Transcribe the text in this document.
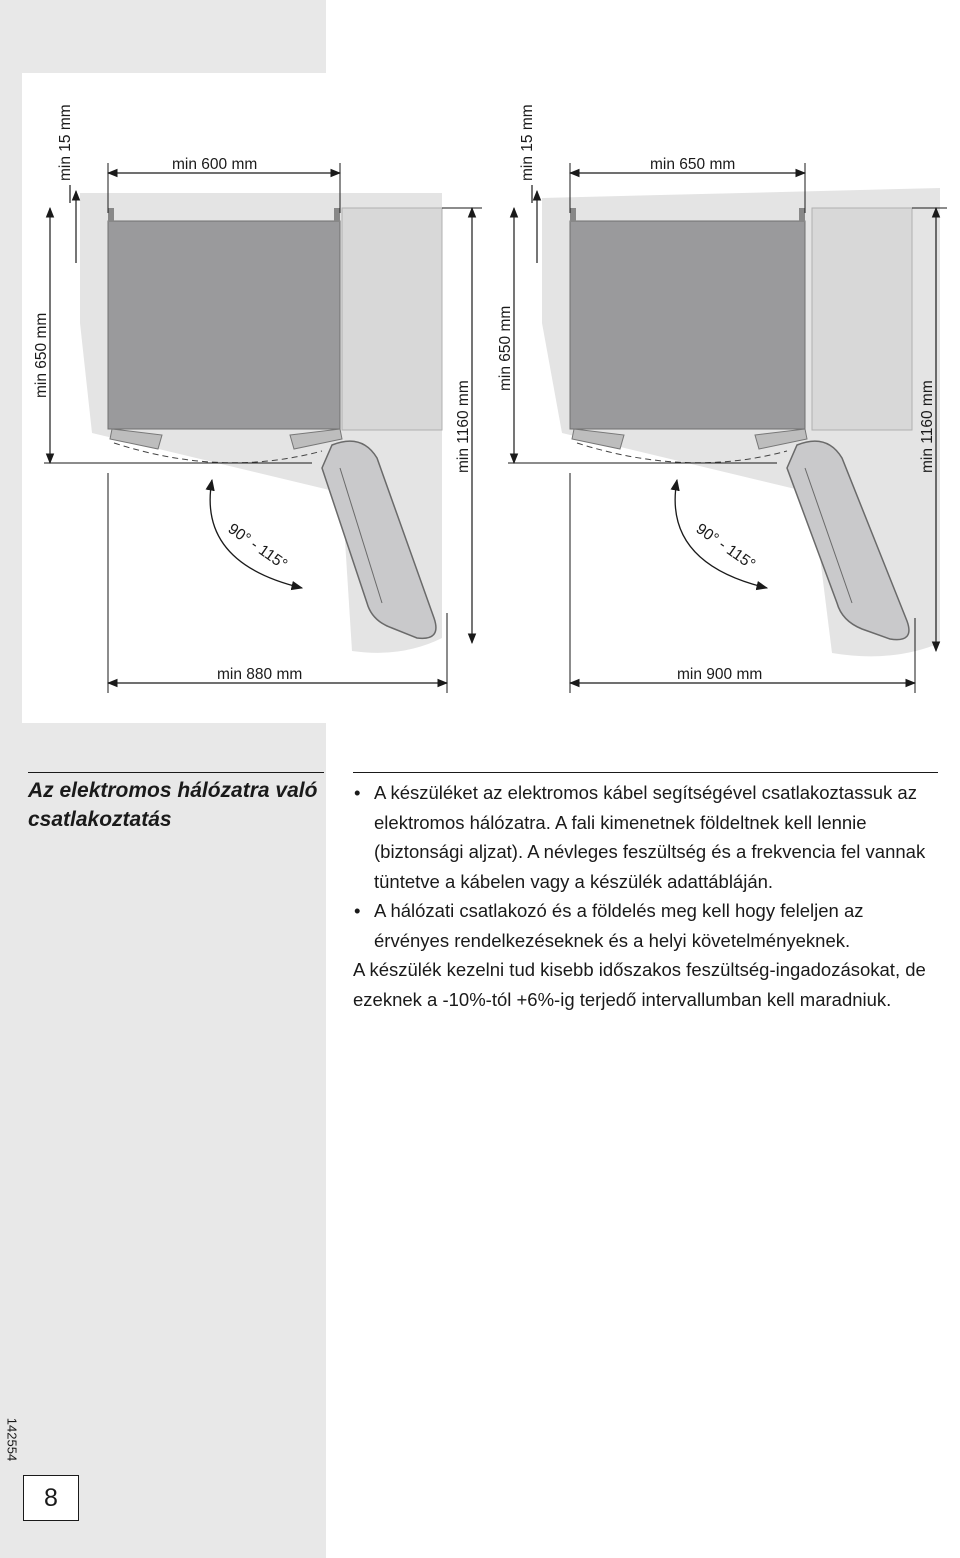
90° - 115°
min 15 mm	min 600 mm
min 650 mm
min 1160 mm
min 880 mm
90° - 115°
min 15 mm	min 650 mm
min 650 mm
min 1160 mm
min 900 mm
Az elektromos hálózatra való csatlakoztatás
• A készüléket az elektromos kábel segítségével csatlakoztassuk az elektromos hálózatra. A fali kimenetnek földeltnek kell lennie (biztonsági aljzat). A névleges feszültség és a frekvencia fel vannak tüntetve a kábelen vagy a készülék adattábláján.
• A hálózati csatlakozó és a földelés meg kell hogy feleljen az érvényes rendelkezéseknek és a helyi követelményeknek.

A készülék kezelni tud kisebb időszakos feszültség-ingadozásokat, de ezeknek a -10%-tól +6%-ig terjedő intervallumban kell maradniuk.

142554
8
